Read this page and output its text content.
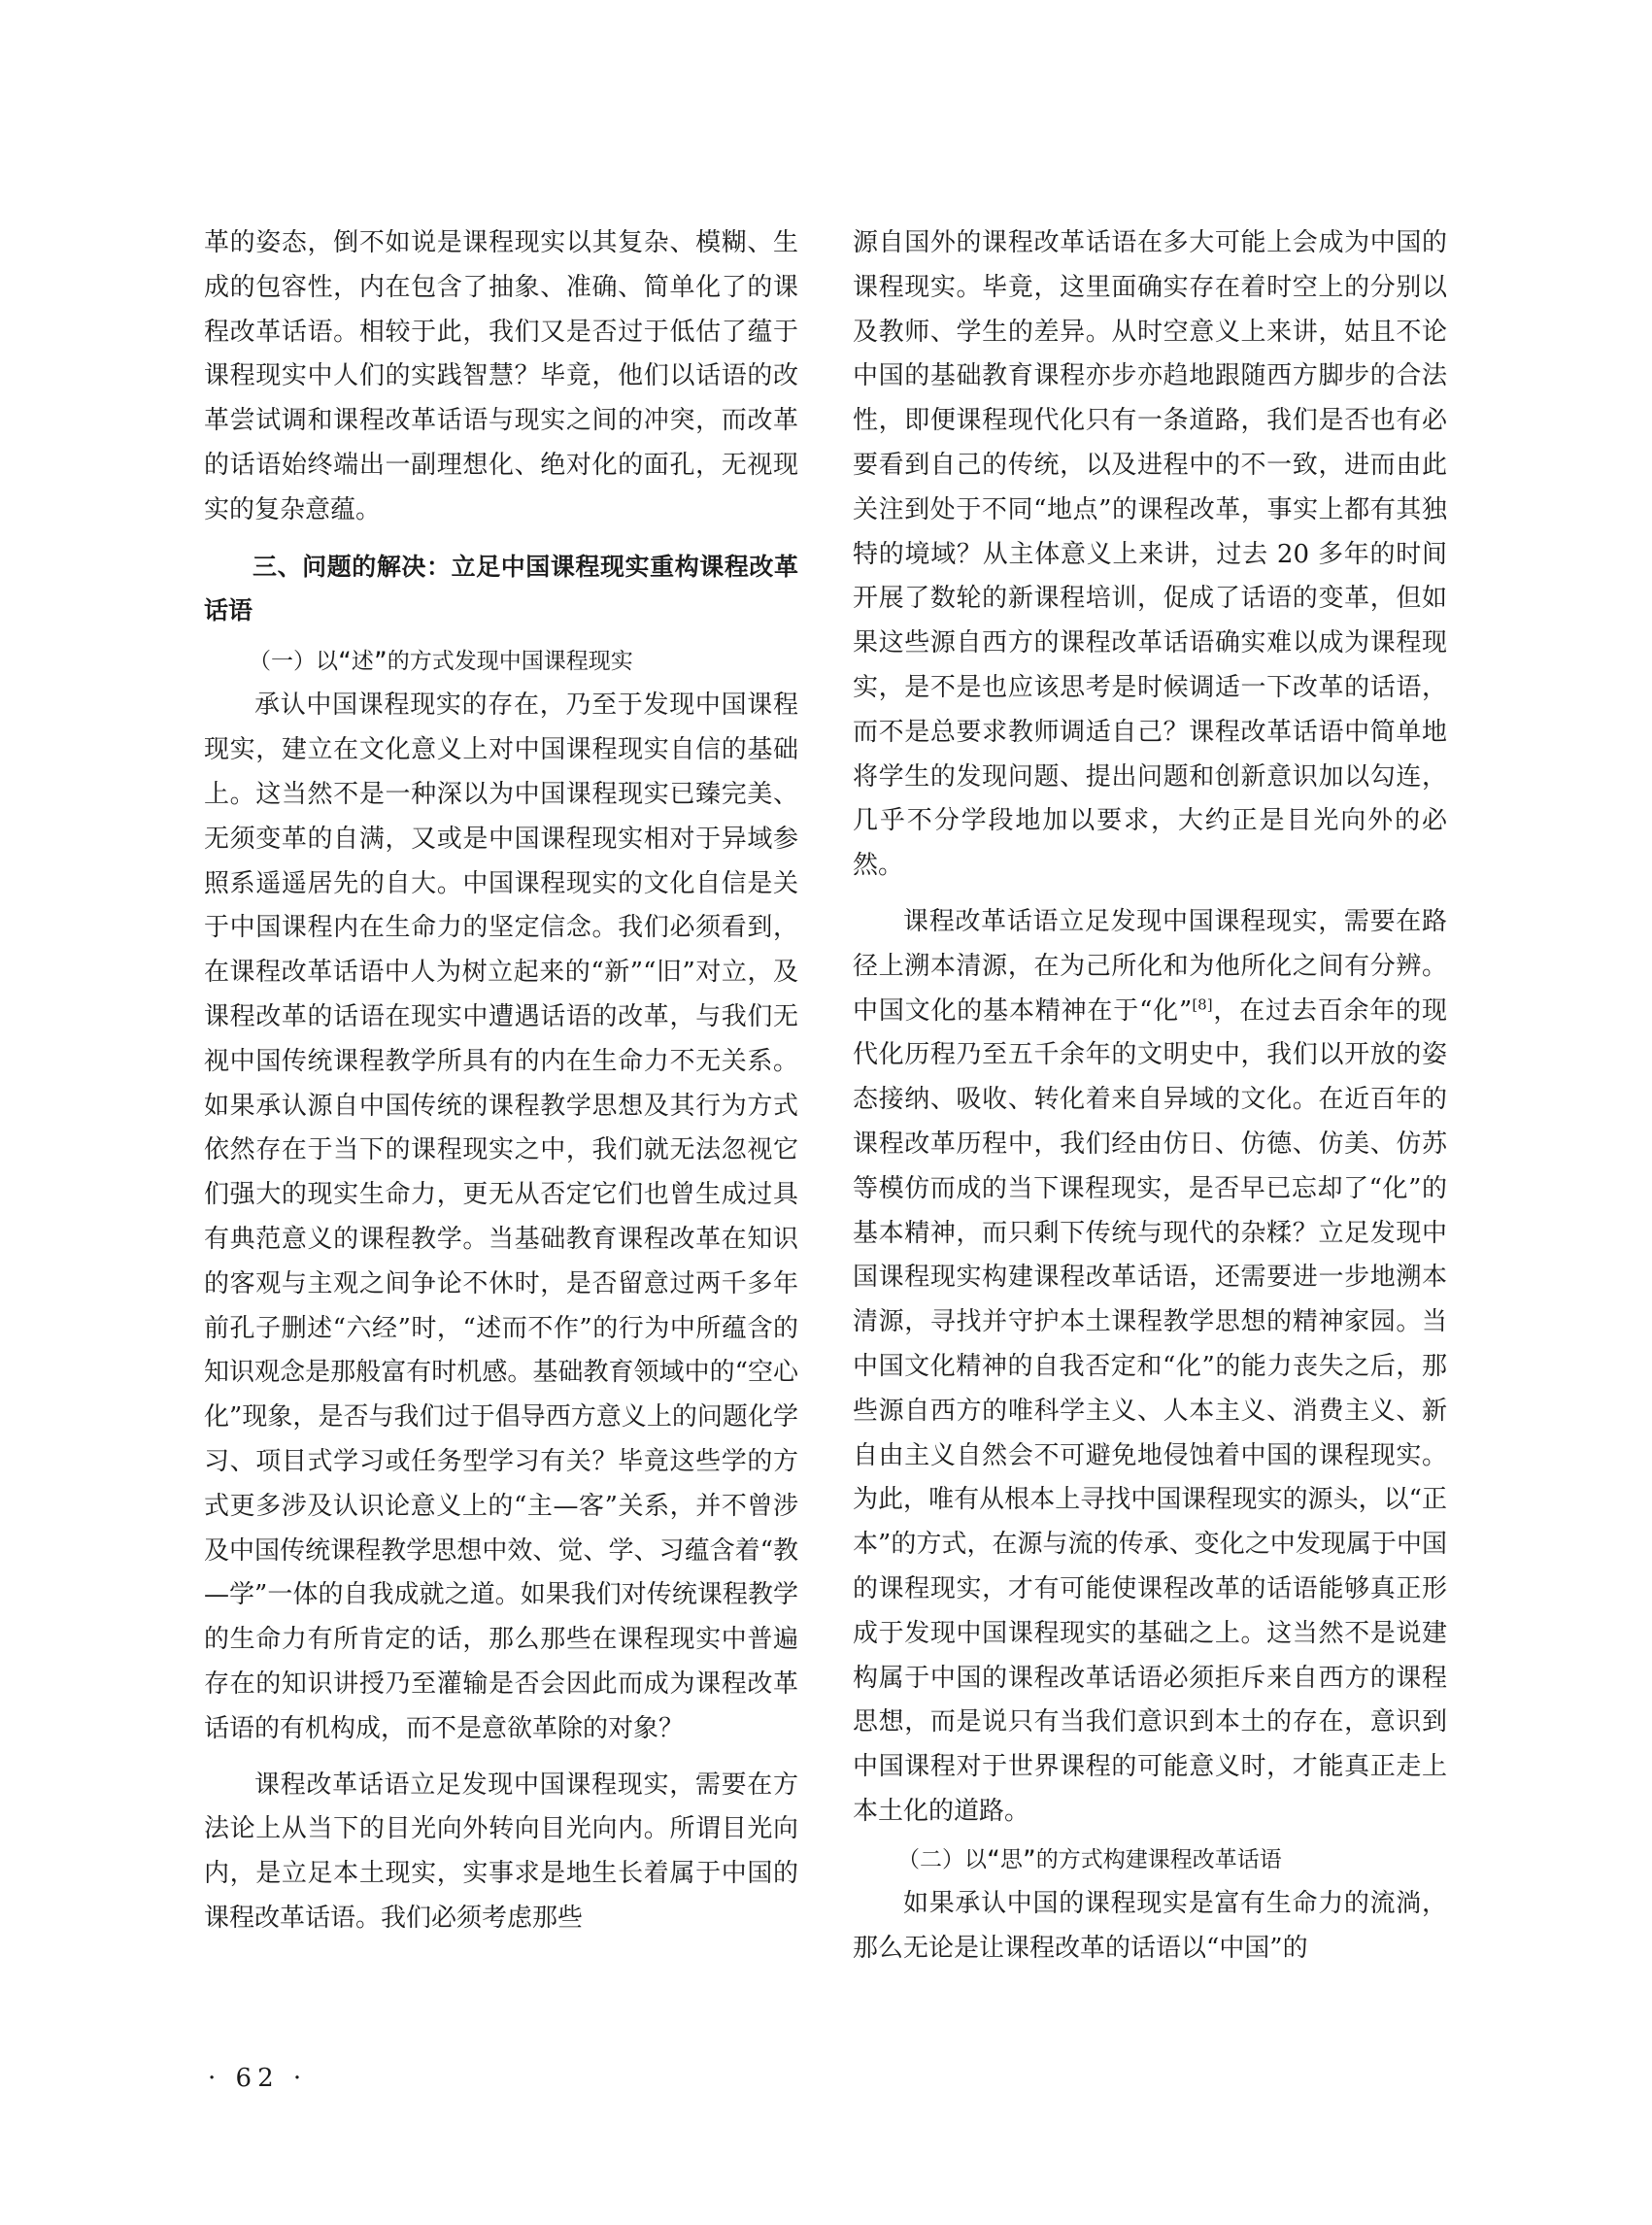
革的姿态，倒不如说是课程现实以其复杂、模糊、生成的包容性，内在包含了抽象、准确、简单化了的课程改革话语。相较于此，我们又是否过于低估了蕴于课程现实中人们的实践智慧？毕竟，他们以话语的改革尝试调和课程改革话语与现实之间的冲突，而改革的话语始终端出一副理想化、绝对化的面孔，无视现实的复杂意蕴。

三、问题的解决：立足中国课程现实重构课程改革话语
（一）以“述”的方式发现中国课程现实

承认中国课程现实的存在，乃至于发现中国课程现实，建立在文化意义上对中国课程现实自信的基础上。这当然不是一种深以为中国课程现实已臻完美、无须变革的自满，又或是中国课程现实相对于异域参照系遥遥居先的自大。中国课程现实的文化自信是关于中国课程内在生命力的坚定信念。我们必须看到，在课程改革话语中人为树立起来的“新”“旧”对立，及课程改革的话语在现实中遭遇话语的改革，与我们无视中国传统课程教学所具有的内在生命力不无关系。如果承认源自中国传统的课程教学思想及其行为方式依然存在于当下的课程现实之中，我们就无法忽视它们强大的现实生命力，更无从否定它们也曾生成过具有典范意义的课程教学。当基础教育课程改革在知识的客观与主观之间争论不休时，是否留意过两千多年前孔子删述“六经”时，“述而不作”的行为中所蕴含的知识观念是那般富有时机感。基础教育领域中的“空心化”现象，是否与我们过于倡导西方意义上的问题化学习、项目式学习或任务型学习有关？毕竟这些学的方式更多涉及认识论意义上的“主—客”关系，并不曾涉及中国传统课程教学思想中效、觉、学、习蕴含着“教—学”一体的自我成就之道。如果我们对传统课程教学的生命力有所肯定的话，那么那些在课程现实中普遍存在的知识讲授乃至灌输是否会因此而成为课程改革话语的有机构成，而不是意欲革除的对象？

课程改革话语立足发现中国课程现实，需要在方法论上从当下的目光向外转向目光向内。所谓目光向内，是立足本土现实，实事求是地生长着属于中国的课程改革话语。我们必须考虑那些

源自国外的课程改革话语在多大可能上会成为中国的课程现实。毕竟，这里面确实存在着时空上的分别以及教师、学生的差异。从时空意义上来讲，姑且不论中国的基础教育课程亦步亦趋地跟随西方脚步的合法性，即便课程现代化只有一条道路，我们是否也有必要看到自己的传统，以及进程中的不一致，进而由此关注到处于不同“地点”的课程改革，事实上都有其独特的境域？从主体意义上来讲，过去 20 多年的时间开展了数轮的新课程培训，促成了话语的变革，但如果这些源自西方的课程改革话语确实难以成为课程现实，是不是也应该思考是时候调适一下改革的话语，而不是总要求教师调适自己？课程改革话语中简单地将学生的发现问题、提出问题和创新意识加以勾连，几乎不分学段地加以要求，大约正是目光向外的必然。

课程改革话语立足发现中国课程现实，需要在路径上溯本清源，在为己所化和为他所化之间有分辨。中国文化的基本精神在于“化”[8]，在过去百余年的现代化历程乃至五千余年的文明史中，我们以开放的姿态接纳、吸收、转化着来自异域的文化。在近百年的课程改革历程中，我们经由仿日、仿德、仿美、仿苏等模仿而成的当下课程现实，是否早已忘却了“化”的基本精神，而只剩下传统与现代的杂糅？立足发现中国课程现实构建课程改革话语，还需要进一步地溯本清源，寻找并守护本土课程教学思想的精神家园。当中国文化精神的自我否定和“化”的能力丧失之后，那些源自西方的唯科学主义、人本主义、消费主义、新自由主义自然会不可避免地侵蚀着中国的课程现实。为此，唯有从根本上寻找中国课程现实的源头，以“正本”的方式，在源与流的传承、变化之中发现属于中国的课程现实，才有可能使课程改革的话语能够真正形成于发现中国课程现实的基础之上。这当然不是说建构属于中国的课程改革话语必须拒斥来自西方的课程思想，而是说只有当我们意识到本土的存在，意识到中国课程对于世界课程的可能意义时，才能真正走上本土化的道路。

（二）以“思”的方式构建课程改革话语

如果承认中国的课程现实是富有生命力的流淌，那么无论是让课程改革的话语以“中国”的

· 62 ·
